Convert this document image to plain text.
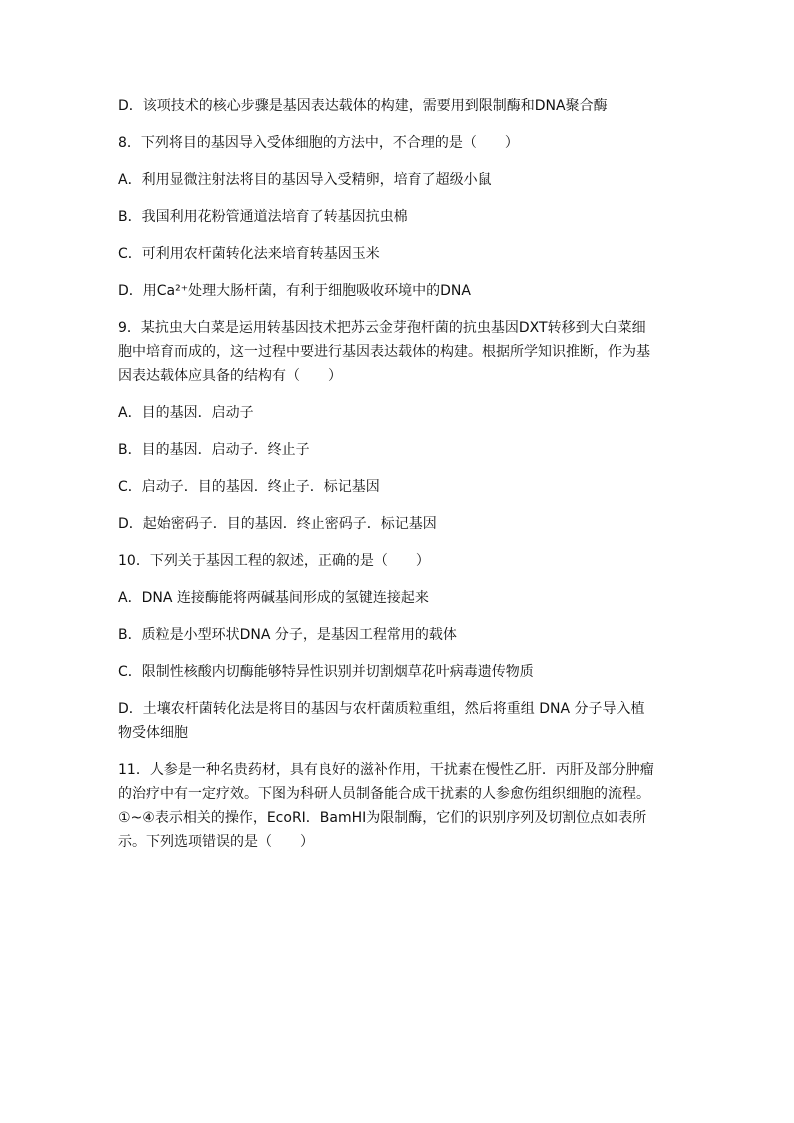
D．该项技术的核心步骤是基因表达载体的构建，需要用到限制酶和DNA聚合酶
8．下列将目的基因导入受体细胞的方法中，不合理的是（　　）
A．利用显微注射法将目的基因导入受精卵，培育了超级小鼠
B．我国利用花粉管通道法培育了转基因抗虫棉
C．可利用农杆菌转化法来培育转基因玉米
D．用Ca²⁺处理大肠杆菌，有利于细胞吸收环境中的DNA
9．某抗虫大白菜是运用转基因技术把苏云金芽孢杆菌的抗虫基因DXT转移到大白菜细
胞中培育而成的，这一过程中要进行基因表达载体的构建。根据所学知识推断，作为基
因表达载体应具备的结构有（　　）
A．目的基因．启动子
B．目的基因．启动子．终止子
C．启动子．目的基因．终止子．标记基因
D．起始密码子．目的基因．终止密码子．标记基因
10．下列关于基因工程的叙述，正确的是（　　）
A．DNA 连接酶能将两碱基间形成的氢键连接起来
B．质粒是小型环状DNA 分子，是基因工程常用的载体
C．限制性核酸内切酶能够特异性识别并切割烟草花叶病毒遗传物质
D．土壤农杆菌转化法是将目的基因与农杆菌质粒重组，然后将重组 DNA 分子导入植
物受体细胞
11．人参是一种名贵药材，具有良好的滋补作用，干扰素在慢性乙肝．丙肝及部分肿瘤
的治疗中有一定疗效。下图为科研人员制备能合成干扰素的人参愈伤组织细胞的流程。
①~④表示相关的操作，EcoRⅠ．BamHⅠ为限制酶，它们的识别序列及切割位点如表所
示。下列选项错误的是（　　）
